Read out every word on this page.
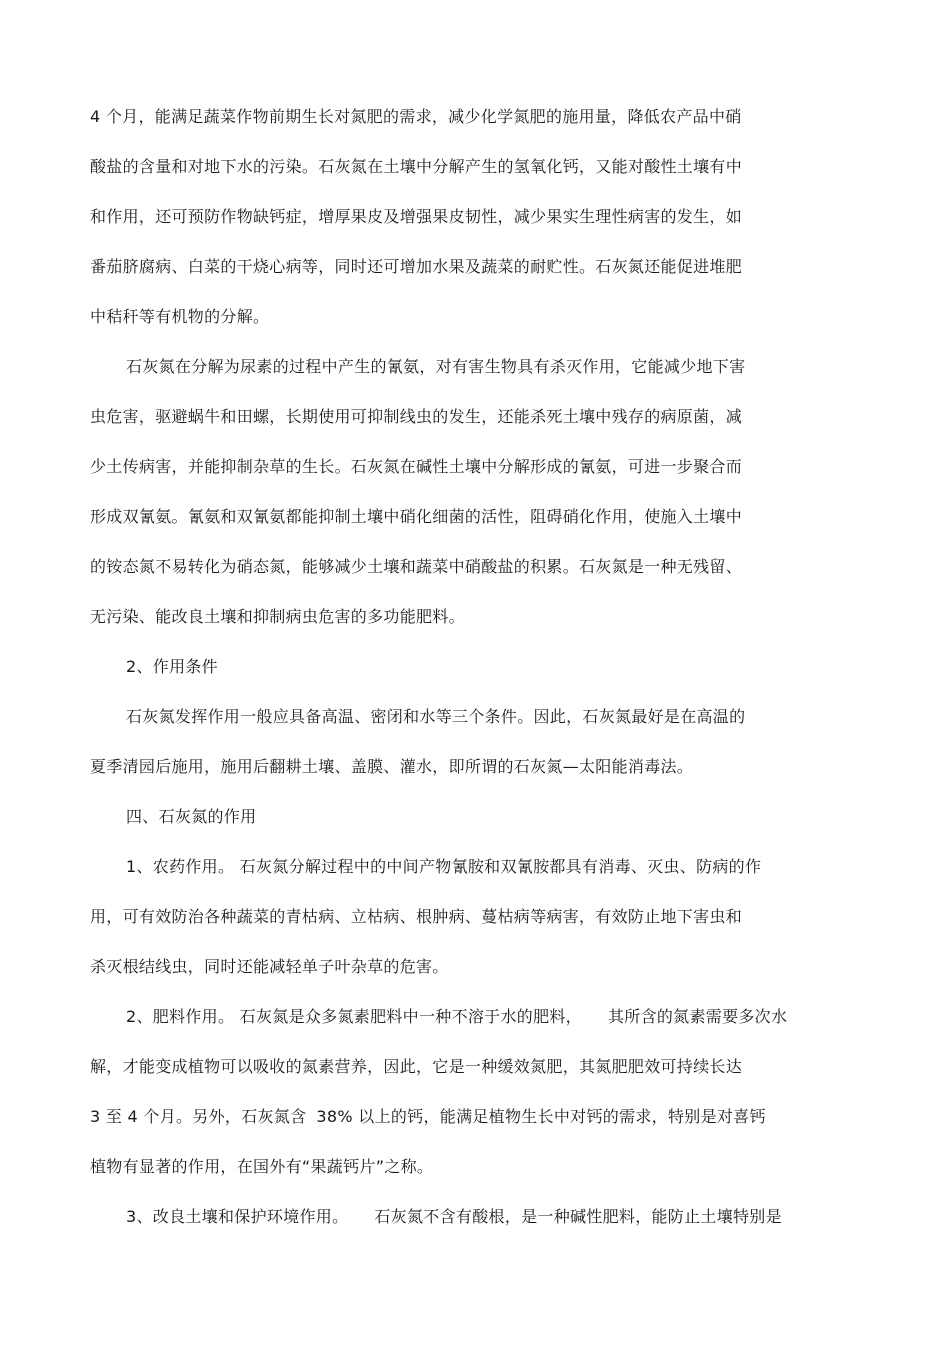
4 个月，能满足蔬菜作物前期生长对氮肥的需求，减少化学氮肥的施用量，降低农产品中硝
酸盐的含量和对地下水的污染。石灰氮在土壤中分解产生的氢氧化钙，又能对酸性土壤有中
和作用，还可预防作物缺钙症，增厚果皮及增强果皮韧性，减少果实生理性病害的发生，如
番茄脐腐病、白菜的干烧心病等，同时还可增加水果及蔬菜的耐贮性。石灰氮还能促进堆肥
中秸秆等有机物的分解。
石灰氮在分解为尿素的过程中产生的氰氨，对有害生物具有杀灭作用，它能减少地下害
虫危害，驱避蜗牛和田螺，长期使用可抑制线虫的发生，还能杀死土壤中残存的病原菌，减
少土传病害，并能抑制杂草的生长。石灰氮在碱性土壤中分解形成的氰氨，可进一步聚合而
形成双氰氨。氰氨和双氰氨都能抑制土壤中硝化细菌的活性，阻碍硝化作用，使施入土壤中
的铵态氮不易转化为硝态氮，能够减少土壤和蔬菜中硝酸盐的积累。石灰氮是一种无残留、
无污染、能改良土壤和抑制病虫危害的多功能肥料。
2、作用条件
石灰氮发挥作用一般应具备高温、密闭和水等三个条件。因此，石灰氮最好是在高温的
夏季清园后施用，施用后翻耕土壤、盖膜、灌水，即所谓的石灰氮—太阳能消毒法。
四、石灰氮的作用
1、农药作用。 石灰氮分解过程中的中间产物氰胺和双氰胺都具有消毒、灭虫、防病的作
用，可有效防治各种蔬菜的青枯病、立枯病、根肿病、蔓枯病等病害，有效防止地下害虫和
杀灭根结线虫，同时还能减轻单子叶杂草的危害。
2、肥料作用。 石灰氮是众多氮素肥料中一种不溶于水的肥料， 其所含的氮素需要多次水
解，才能变成植物可以吸收的氮素营养，因此，它是一种缓效氮肥，其氮肥肥效可持续长达
3 至 4 个月。另外，石灰氮含 38% 以上的钙，能满足植物生长中对钙的需求，特别是对喜钙
植物有显著的作用，在国外有“果蔬钙片”之称。
3、改良土壤和保护环境作用。 石灰氮不含有酸根，是一种碱性肥料，能防止土壤特别是
